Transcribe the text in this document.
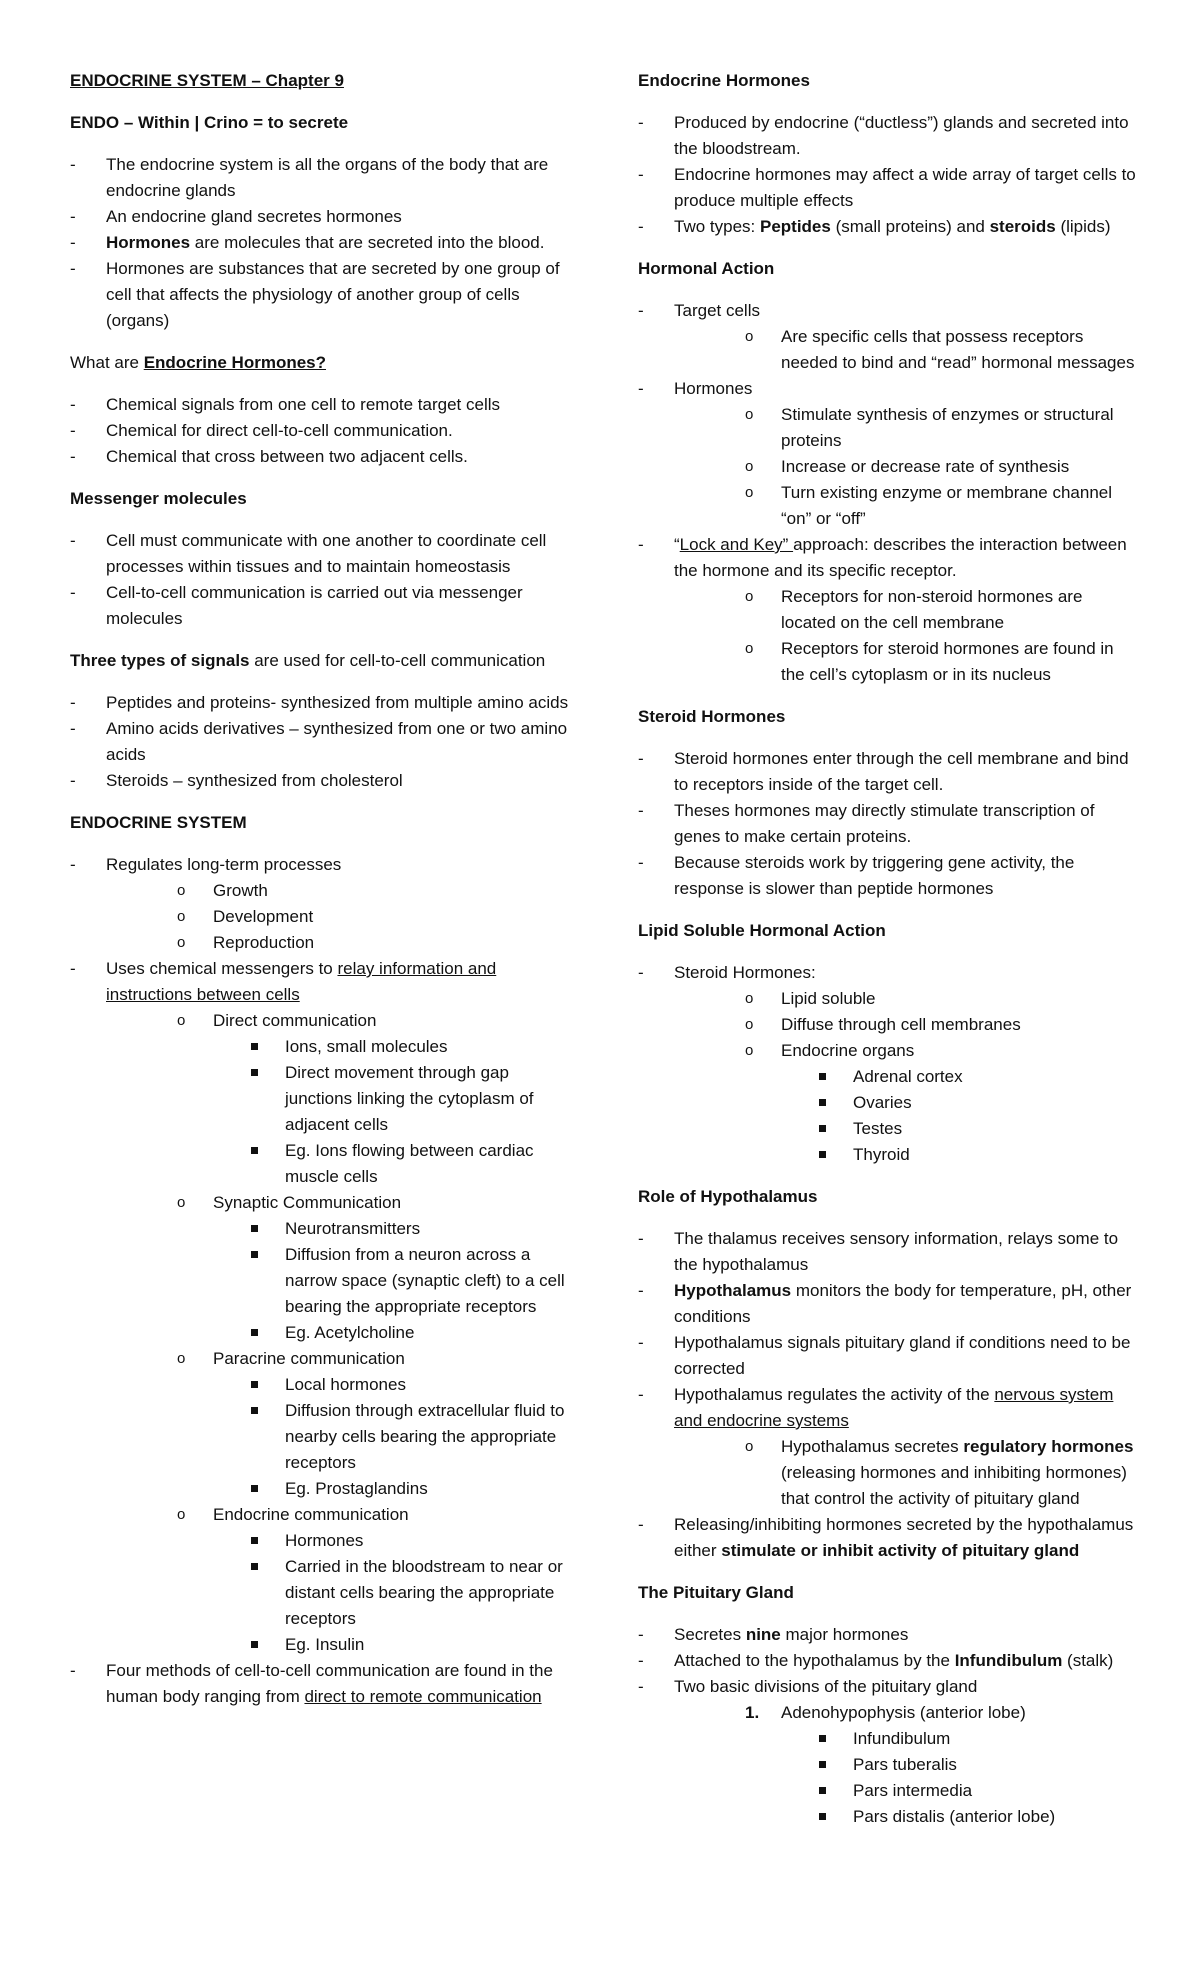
ENDOCRINE SYSTEM – Chapter 9
ENDO – Within | Crino = to secrete
- The endocrine system is all the organs of the body that are endocrine glands
- An endocrine gland secretes hormones
- Hormones are molecules that are secreted into the blood.
- Hormones are substances that are secreted by one group of cell that affects the physiology of another group of cells (organs)
What are Endocrine Hormones?
- Chemical signals from one cell to remote target cells
- Chemical for direct cell-to-cell communication.
- Chemical that cross between two adjacent cells.
Messenger molecules
- Cell must communicate with one another to coordinate cell processes within tissues and to maintain homeostasis
- Cell-to-cell communication is carried out via messenger molecules
Three types of signals are used for cell-to-cell communication
- Peptides and proteins- synthesized from multiple amino acids
- Amino acids derivatives – synthesized from one or two amino acids
- Steroids – synthesized from cholesterol
ENDOCRINE SYSTEM
- Regulates long-term processes
o Growth
o Development
o Reproduction
- Uses chemical messengers to relay information and instructions between cells
o Direct communication
Ions, small molecules
Direct movement through gap junctions linking the cytoplasm of adjacent cells
Eg. Ions flowing between cardiac muscle cells
o Synaptic Communication
Neurotransmitters
Diffusion from a neuron across a narrow space (synaptic cleft) to a cell bearing the appropriate receptors
Eg. Acetylcholine
o Paracrine communication
Local hormones
Diffusion through extracellular fluid to nearby cells bearing the appropriate receptors
Eg. Prostaglandins
o Endocrine communication
Hormones
Carried in the bloodstream to near or distant cells bearing the appropriate receptors
Eg. Insulin
- Four methods of cell-to-cell communication are found in the human body ranging from direct to remote communication
Endocrine Hormones
- Produced by endocrine (“ductless”) glands and secreted into the bloodstream.
- Endocrine hormones may affect a wide array of target cells to produce multiple effects
- Two types: Peptides (small proteins) and steroids (lipids)
Hormonal Action
- Target cells
o Are specific cells that possess receptors needed to bind and “read” hormonal messages
- Hormones
o Stimulate synthesis of enzymes or structural proteins
o Increase or decrease rate of synthesis
o Turn existing enzyme or membrane channel “on” or “off”
- “Lock and Key” approach: describes the interaction between the hormone and its specific receptor.
o Receptors for non-steroid hormones are located on the cell membrane
o Receptors for steroid hormones are found in the cell’s cytoplasm or in its nucleus
Steroid Hormones
- Steroid hormones enter through the cell membrane and bind to receptors inside of the target cell.
- Theses hormones may directly stimulate transcription of genes to make certain proteins.
- Because steroids work by triggering gene activity, the response is slower than peptide hormones
Lipid Soluble Hormonal Action
- Steroid Hormones:
o Lipid soluble
o Diffuse through cell membranes
o Endocrine organs
Adrenal cortex
Ovaries
Testes
Thyroid
Role of Hypothalamus
- The thalamus receives sensory information, relays some to the hypothalamus
- Hypothalamus monitors the body for temperature, pH, other conditions
- Hypothalamus signals pituitary gland if conditions need to be corrected
- Hypothalamus regulates the activity of the nervous system and endocrine systems
o Hypothalamus secretes regulatory hormones (releasing hormones and inhibiting hormones) that control the activity of pituitary gland
- Releasing/inhibiting hormones secreted by the hypothalamus either stimulate or inhibit activity of pituitary gland
The Pituitary Gland
- Secretes nine major hormones
- Attached to the hypothalamus by the Infundibulum (stalk)
- Two basic divisions of the pituitary gland
1. Adenohypophysis (anterior lobe)
Infundibulum
Pars tuberalis
Pars intermedia
Pars distalis (anterior lobe)
